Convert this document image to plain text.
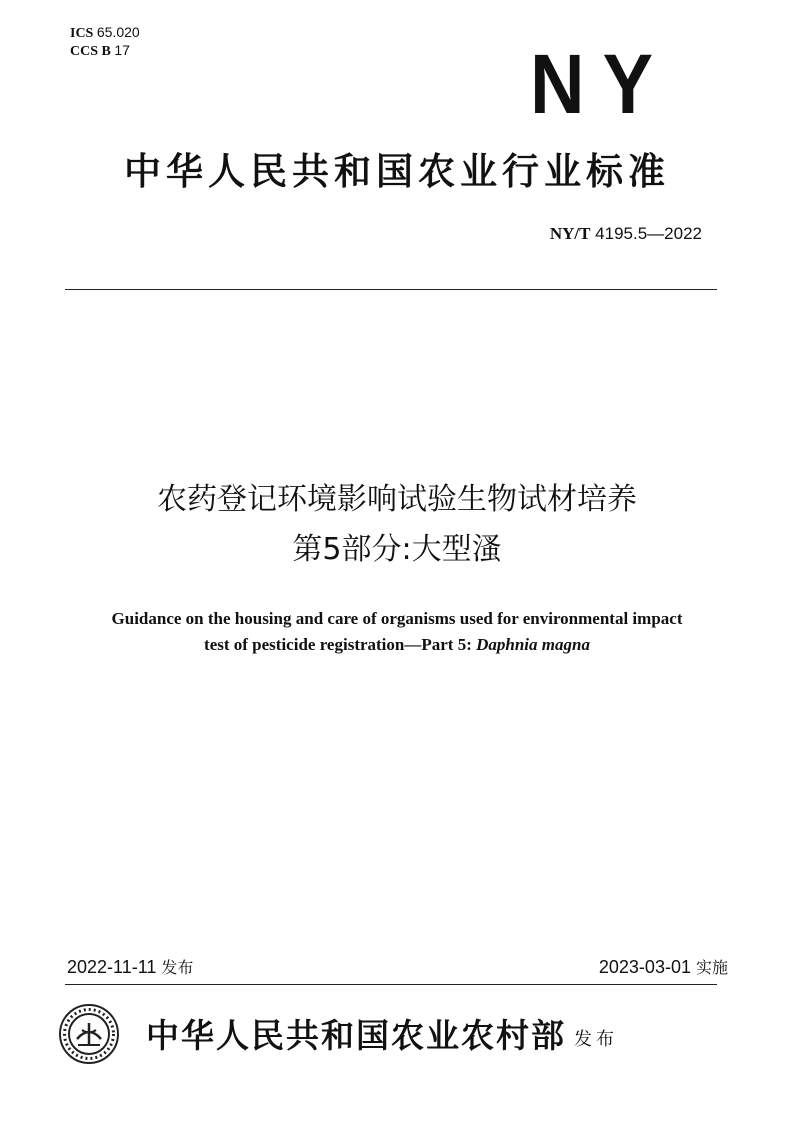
ICS 65.020
CCS B 17	NY
中华人民共和国农业行业标准
NY/T 4195.5—2022
农药登记环境影响试验生物试材培养
第5部分:大型溞
Guidance on the housing and care of organisms used for environmental impact
test of pesticide registration—Part 5: Daphnia magna
2022-11-11 发布	2023-03-01 实施
中华人民共和国农业农村部 发布
